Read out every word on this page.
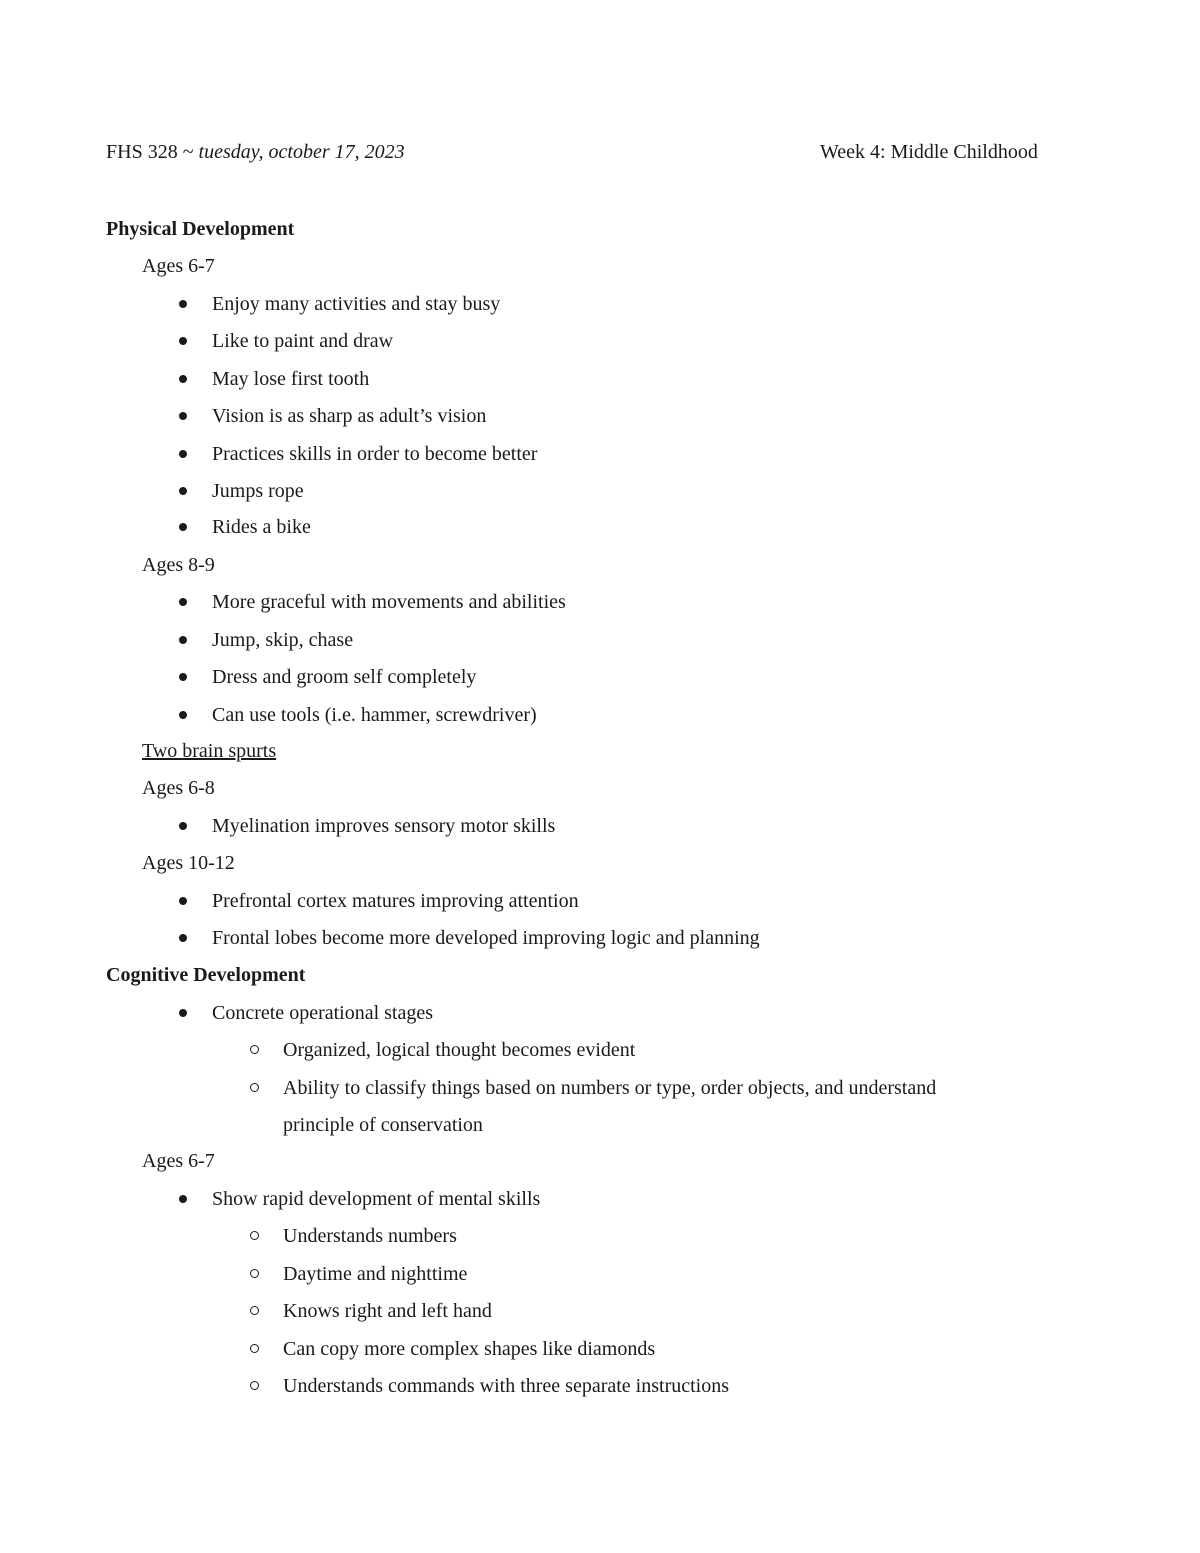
FHS 328 ~ tuesday, october 17, 2023	Week 4: Middle Childhood
Physical Development
Ages 6-7
Enjoy many activities and stay busy
Like to paint and draw
May lose first tooth
Vision is as sharp as adult’s vision
Practices skills in order to become better
Jumps rope
Rides a bike
Ages 8-9
More graceful with movements and abilities
Jump, skip, chase
Dress and groom self completely
Can use tools (i.e. hammer, screwdriver)
Two brain spurts
Ages 6-8
Myelination improves sensory motor skills
Ages 10-12
Prefrontal cortex matures improving attention
Frontal lobes become more developed improving logic and planning
Cognitive Development
Concrete operational stages
Organized, logical thought becomes evident
Ability to classify things based on numbers or type, order objects, and understand
principle of conservation
Ages 6-7
Show rapid development of mental skills
Understands numbers
Daytime and nighttime
Knows right and left hand
Can copy more complex shapes like diamonds
Understands commands with three separate instructions
